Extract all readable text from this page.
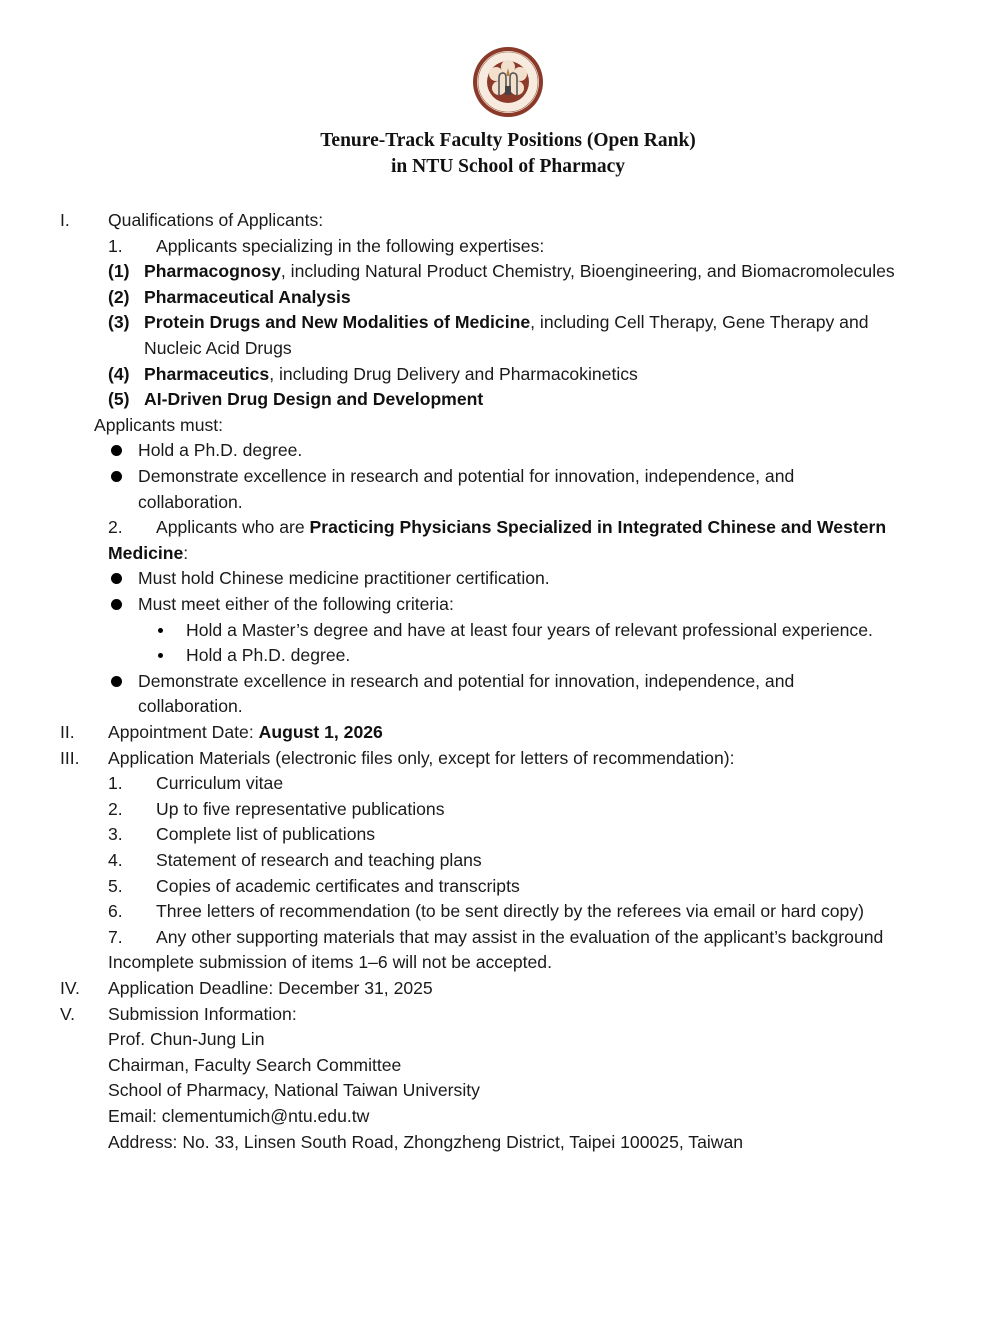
Tenure-Track Faculty Positions (Open Rank)
in NTU School of Pharmacy
I. Qualifications of Applicants:
1. Applicants specializing in the following expertises:
(1) Pharmacognosy, including Natural Product Chemistry, Bioengineering, and Biomacromolecules
(2) Pharmaceutical Analysis
(3) Protein Drugs and New Modalities of Medicine, including Cell Therapy, Gene Therapy and
Nucleic Acid Drugs
(4) Pharmaceutics, including Drug Delivery and Pharmacokinetics
(5) AI-Driven Drug Design and Development
Applicants must:
Hold a Ph.D. degree.
Demonstrate excellence in research and potential for innovation, independence, and
collaboration.
2. Applicants who are Practicing Physicians Specialized in Integrated Chinese and Western
Medicine:
Must hold Chinese medicine practitioner certification.
Must meet either of the following criteria:
Hold a Master’s degree and have at least four years of relevant professional experience.
Hold a Ph.D. degree.
Demonstrate excellence in research and potential for innovation, independence, and
collaboration.
II. Appointment Date: August 1, 2026
III. Application Materials (electronic files only, except for letters of recommendation):
1. Curriculum vitae
2. Up to five representative publications
3. Complete list of publications
4. Statement of research and teaching plans
5. Copies of academic certificates and transcripts
6. Three letters of recommendation (to be sent directly by the referees via email or hard copy)
7. Any other supporting materials that may assist in the evaluation of the applicant’s background
Incomplete submission of items 1–6 will not be accepted.
IV. Application Deadline: December 31, 2025
V. Submission Information:
Prof. Chun-Jung Lin
Chairman, Faculty Search Committee
School of Pharmacy, National Taiwan University
Email: clementumich@ntu.edu.tw
Address: No. 33, Linsen South Road, Zhongzheng District, Taipei 100025, Taiwan
